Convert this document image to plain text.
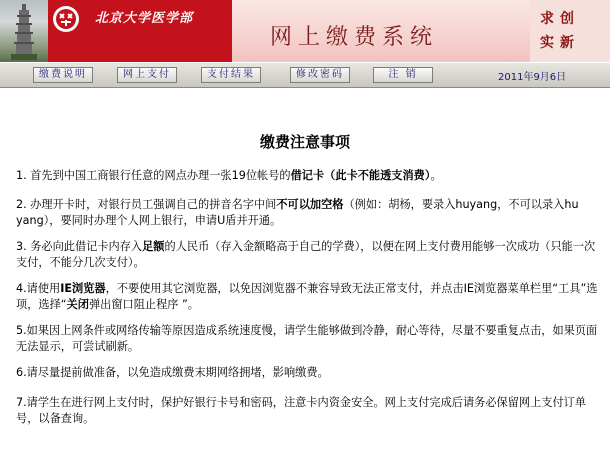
北京大学医学部
网上缴费系统
求创
实新
缴费说明	网上支付	支付结果	修改密码	注 销	2011年9月6日
缴费注意事项

1. 首先到中国工商银行任意的网点办理一张19位帐号的借记卡（此卡不能透支消费）。

2. 办理开卡时，对银行员工强调自己的拼音名字中间不可以加空格（例如：胡杨，要录入huyang，不可以录入hu yang），要同时办理个人网上银行，申请U盾并开通。

3. 务必向此借记卡内存入足额的人民币（存入金额略高于自己的学费），以便在网上支付费用能够一次成功（只能一次支付，不能分几次支付）。

4.请使用IE浏览器，不要使用其它浏览器，以免因浏览器不兼容导致无法正常支付，并点击IE浏览器菜单栏里“工具”选项，选择“关闭弹出窗口阻止程序 ”。

5.如果因上网条件或网络传输等原因造成系统速度慢，请学生能够做到冷静，耐心等待，尽量不要重复点击，如果页面无法显示，可尝试刷新。

6.请尽量提前做准备，以免造成缴费末期网络拥堵，影响缴费。

7.请学生在进行网上支付时，保护好银行卡号和密码，注意卡内资金安全。网上支付完成后请务必保留网上支付订单号，以备查询。
